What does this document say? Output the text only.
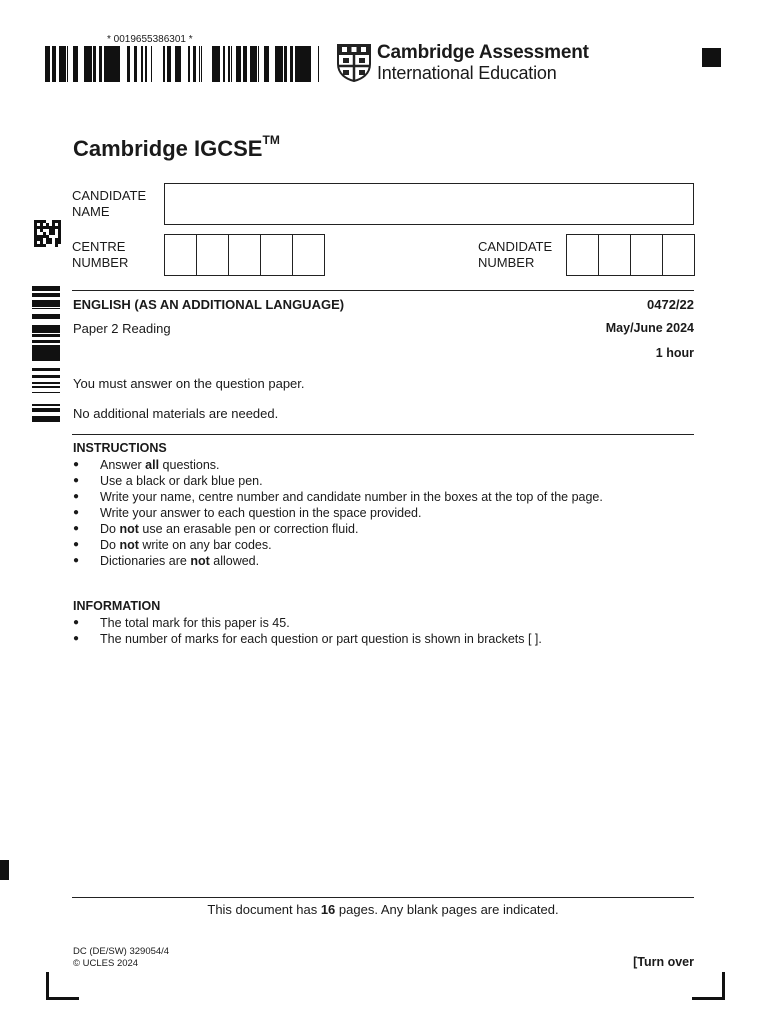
* 0019655386301 *
Cambridge Assessment
International Education
Cambridge IGCSE™
CANDIDATE
NAME
CENTRE
NUMBER
CANDIDATE
NUMBER
ENGLISH (AS AN ADDITIONAL LANGUAGE)	0472/22
Paper 2 Reading	May/June 2024
1 hour
You must answer on the question paper.
No additional materials are needed.
INSTRUCTIONS
● Answer all questions.
● Use a black or dark blue pen.
● Write your name, centre number and candidate number in the boxes at the top of the page.
● Write your answer to each question in the space provided.
● Do not use an erasable pen or correction fluid.
● Do not write on any bar codes.
● Dictionaries are not allowed.
INFORMATION
● The total mark for this paper is 45.
● The number of marks for each question or part question is shown in brackets [ ].
This document has 16 pages. Any blank pages are indicated.
DC (DE/SW) 329054/4
© UCLES 2024	[Turn over
